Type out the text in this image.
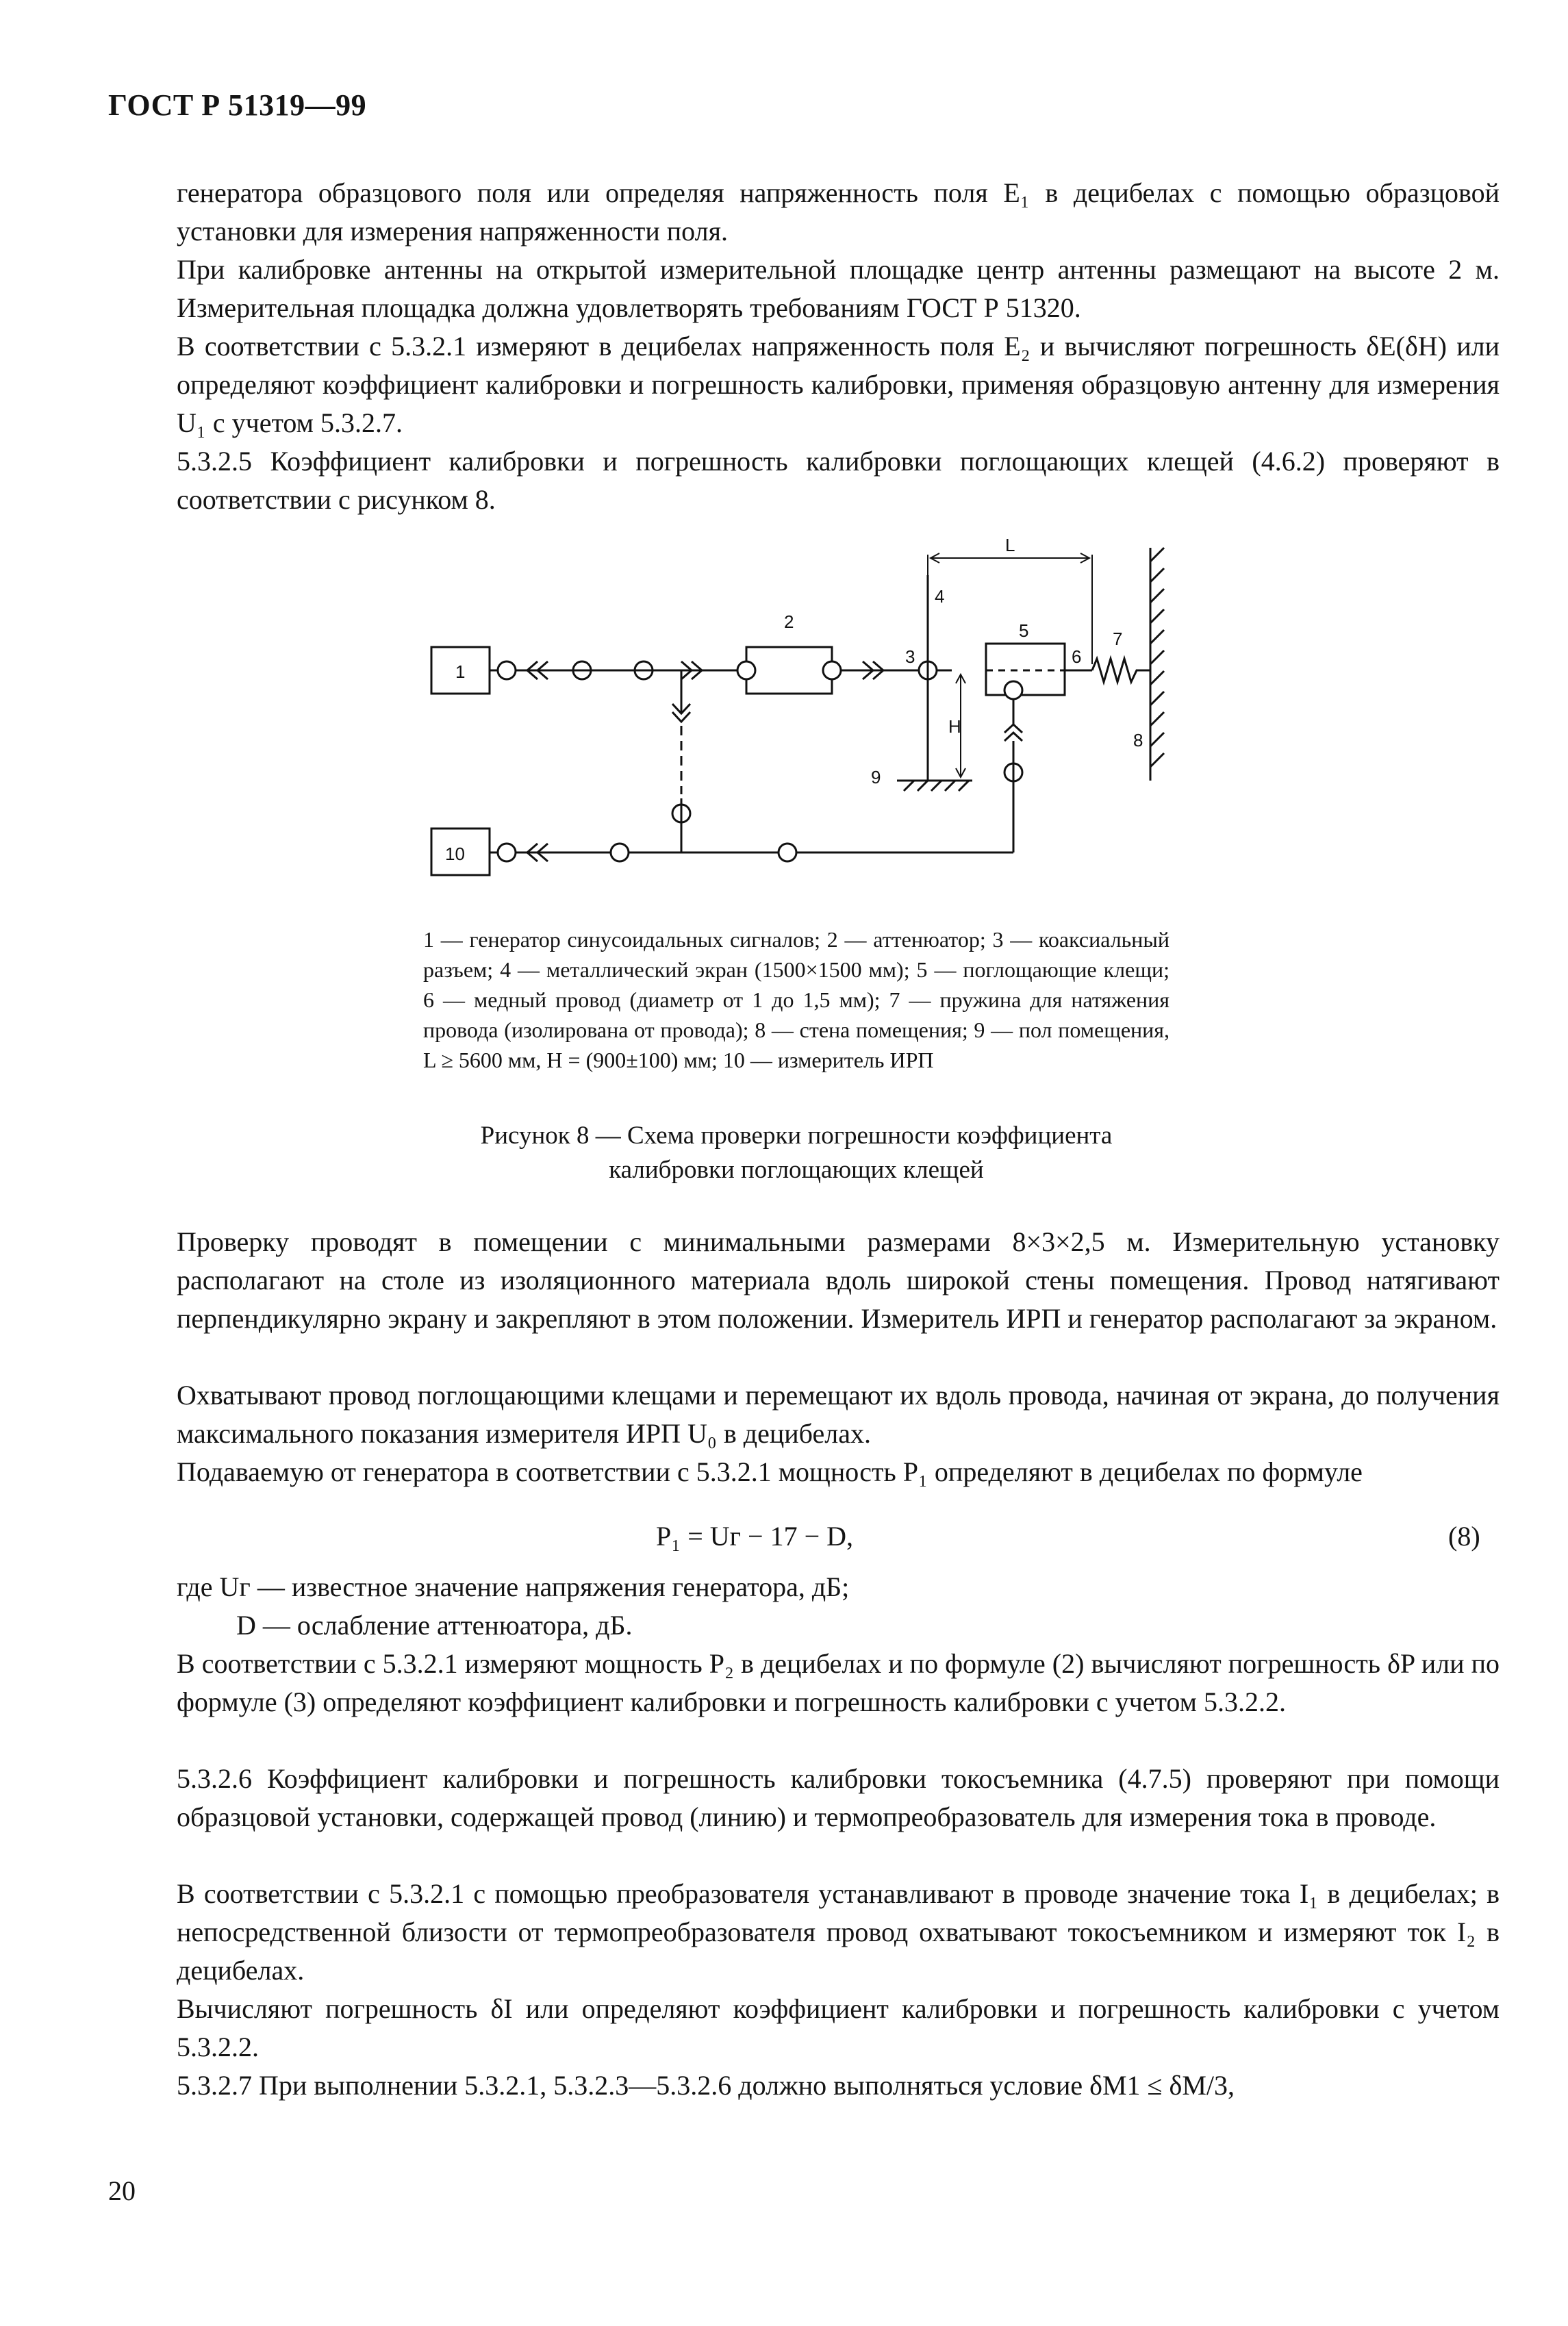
ГОСТ Р 51319—99
генератора образцового поля или определяя напряженность поля E₁ в децибелах с помощью образцовой установки для измерения напряженности поля.
При калибровке антенны на открытой измерительной площадке центр антенны размещают на высоте 2 м. Измерительная площадка должна удовлетворять требованиям ГОСТ Р 51320.
В соответствии с 5.3.2.1 измеряют в децибелах напряженность поля E₂ и вычисляют погрешность δE(δH) или определяют коэффициент калибровки и погрешность калибровки, применяя образцовую антенну для измерения U₁ с учетом 5.3.2.7.
5.3.2.5 Коэффициент калибровки и погрешность калибровки поглощающих клещей (4.6.2) проверяют в соответствии с рисунком 8.
1
2
3
4
5
6
7
8
9
10
L
H
1 — генератор синусоидальных сигналов; 2 — аттенюатор; 3 — коаксиальный разъем; 4 — металлический экран (1500×1500 мм); 5 — поглощающие клещи; 6 — медный провод (диаметр от 1 до 1,5 мм); 7 — пружина для натяжения провода (изолирована от провода); 8 — стена помещения; 9 — пол помещения, L ≥ 5600 мм, H = (900±100) мм; 10 — измеритель ИРП
Рисунок 8 — Схема проверки погрешности коэффициента
калибровки поглощающих клещей
Проверку проводят в помещении с минимальными размерами 8×3×2,5 м. Измерительную установку располагают на столе из изоляционного материала вдоль широкой стены помещения. Провод натягивают перпендикулярно экрану и закрепляют в этом положении. Измеритель ИРП и генератор располагают за экраном.
Охватывают провод поглощающими клещами и перемещают их вдоль провода, начиная от экрана, до получения максимального показания измерителя ИРП U₀ в децибелах.
Подаваемую от генератора в соответствии с 5.3.2.1 мощность P₁ определяют в децибелах по формуле
P₁ = Uг − 17 − D,	(8)
где Uг — известное значение напряжения генератора, дБ;
D — ослабление аттенюатора, дБ.
В соответствии с 5.3.2.1 измеряют мощность P₂ в децибелах и по формуле (2) вычисляют погрешность δP или по формуле (3) определяют коэффициент калибровки и погрешность калибровки с учетом 5.3.2.2.
5.3.2.6 Коэффициент калибровки и погрешность калибровки токосъемника (4.7.5) проверяют при помощи образцовой установки, содержащей провод (линию) и термопреобразователь для измерения тока в проводе.
В соответствии с 5.3.2.1 с помощью преобразователя устанавливают в проводе значение тока I₁ в децибелах; в непосредственной близости от термопреобразователя провод охватывают токосъемником и измеряют ток I₂ в децибелах.
Вычисляют погрешность δI или определяют коэффициент калибровки и погрешность калибровки с учетом 5.3.2.2.
5.3.2.7 При выполнении 5.3.2.1, 5.3.2.3—5.3.2.6 должно выполняться условие δM1 ≤ δM/3,
20
